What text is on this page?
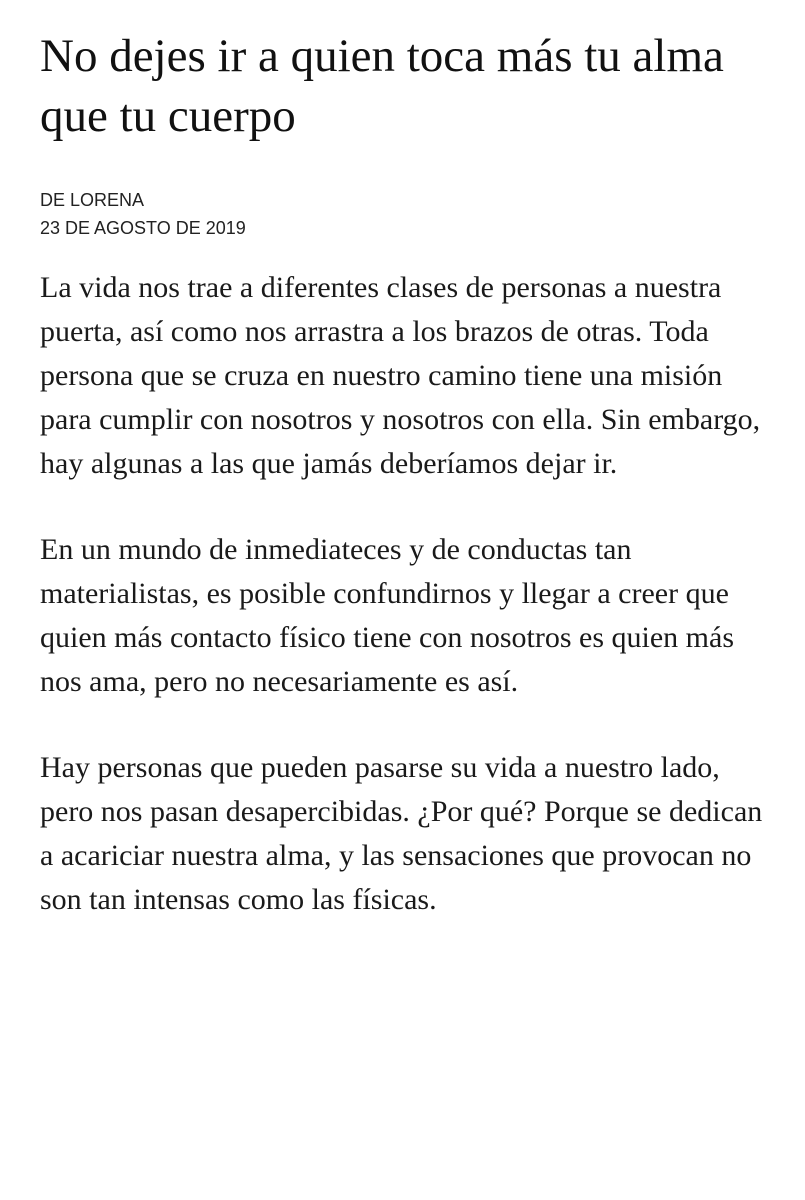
No dejes ir a quien toca más tu alma que tu cuerpo
DE LORENA
23 DE AGOSTO DE 2019

La vida nos trae a diferentes clases de personas a nuestra puerta, así como nos arrastra a los brazos de otras. Toda persona que se cruza en nuestro camino tiene una misión para cumplir con nosotros y nosotros con ella. Sin embargo, hay algunas a las que jamás deberíamos dejar ir.

En un mundo de inmediateces y de conductas tan materialistas, es posible confundirnos y llegar a creer que quien más contacto físico tiene con nosotros es quien más nos ama, pero no necesariamente es así.

Hay personas que pueden pasarse su vida a nuestro lado, pero nos pasan desapercibidas. ¿Por qué? Porque se dedican a acariciar nuestra alma, y las sensaciones que provocan no son tan intensas como las físicas.
